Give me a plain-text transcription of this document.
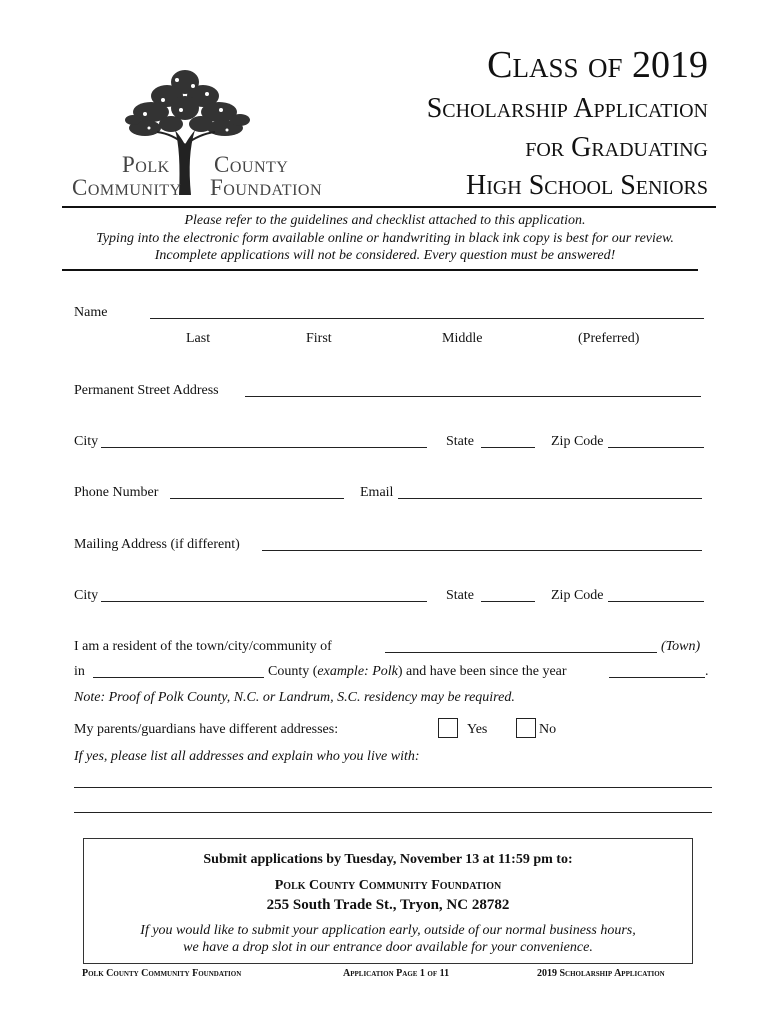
Polk County
Community Foundation
Class of 2019
Scholarship Application
for Graduating
High School Seniors
Please refer to the guidelines and checklist attached to this application.
Typing into the electronic form available online or handwriting in black ink copy is best for our review.
Incomplete applications will not be considered. Every question must be answered!
Name
Last	First	Middle	(Preferred)
Permanent Street Address
City	State	Zip Code
Phone Number	Email
Mailing Address (if different)
City	State	Zip Code
I am a resident of the town/city/community of	(Town)
in	County (example: Polk) and have been since the year	.
Note: Proof of Polk County, N.C. or Landrum, S.C. residency may be required.
My parents/guardians have different addresses:	Yes	No
If yes, please list all addresses and explain who you live with:
Submit applications by Tuesday, November 13 at 11:59 pm to:
Polk County Community Foundation
255 South Trade St., Tryon, NC 28782
If you would like to submit your application early, outside of our normal business hours,
we have a drop slot in our entrance door available for your convenience.
Polk County Community Foundation	Application Page 1 of 11	2019 Scholarship Application
